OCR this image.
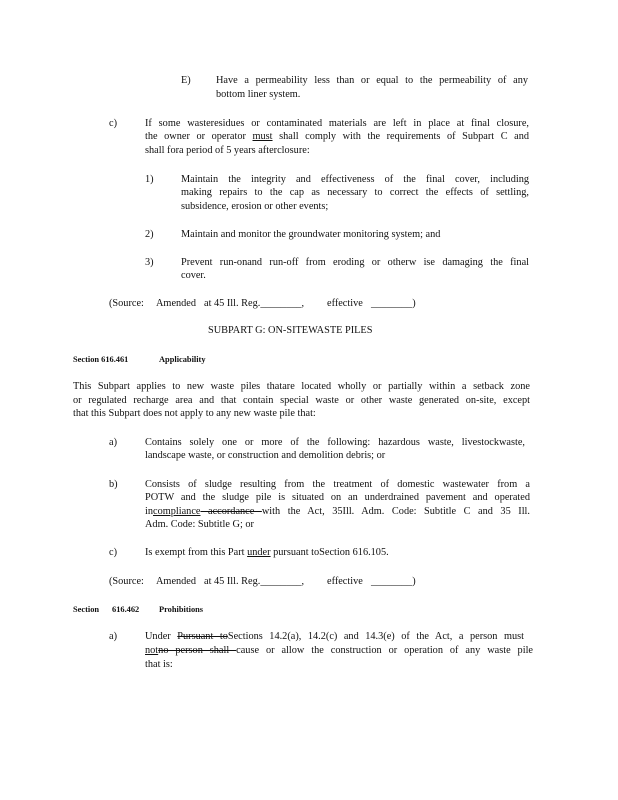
E) Have a permeability less than or equal to the permeability of any
bottom liner system.
c)	If some wasteresidues or contaminated materials are left in place at final closure,
the owner or operator must shall comply with the requirements of Subpart C and
shall fora period of 5 years afterclosure:
1)	Maintain the integrity and effectiveness of the final cover, including
making repairs to the cap as necessary to correct the effects of settling,
subsidence, erosion or other events;
2)	Maintain and monitor the groundwater monitoring system; and
3)	Prevent run-onand run-off from eroding or otherw ise damaging the final
cover.
(Source: Amended at 45 Ill. Reg.________, effective ________)
SUBPART G: ON-SITEWASTE PILES
Section 616.461	Applicability
This Subpart applies to new waste piles thatare located wholly or partially within a setback zone
or regulated recharge area and that contain special waste or other waste generated on-site, except
that this Subpart does not apply to any new waste pile that:
a)	Contains solely one or more of the following: hazardous waste, livestockwaste,
landscape waste, or construction and demolition debris; or
b)	Consists of sludge resulting from the treatment of domestic wastewater from a
POTW and the sludge pile is situated on an underdrained pavement and operated
incompliance accordance with the Act, 35Ill. Adm. Code: Subtitle C and 35 Ill.
Adm. Code: Subtitle G; or
c)	Is exempt from this Part under pursuant toSection 616.105.
(Source: Amended at 45 Ill. Reg.________, effective ________)
Section 616.462 Prohibitions
a)	Under Pursuant toSections 14.2(a), 14.2(c) and 14.3(e) of the Act, a person must
notno person shall cause or allow the construction or operation of any waste pile
that is:
